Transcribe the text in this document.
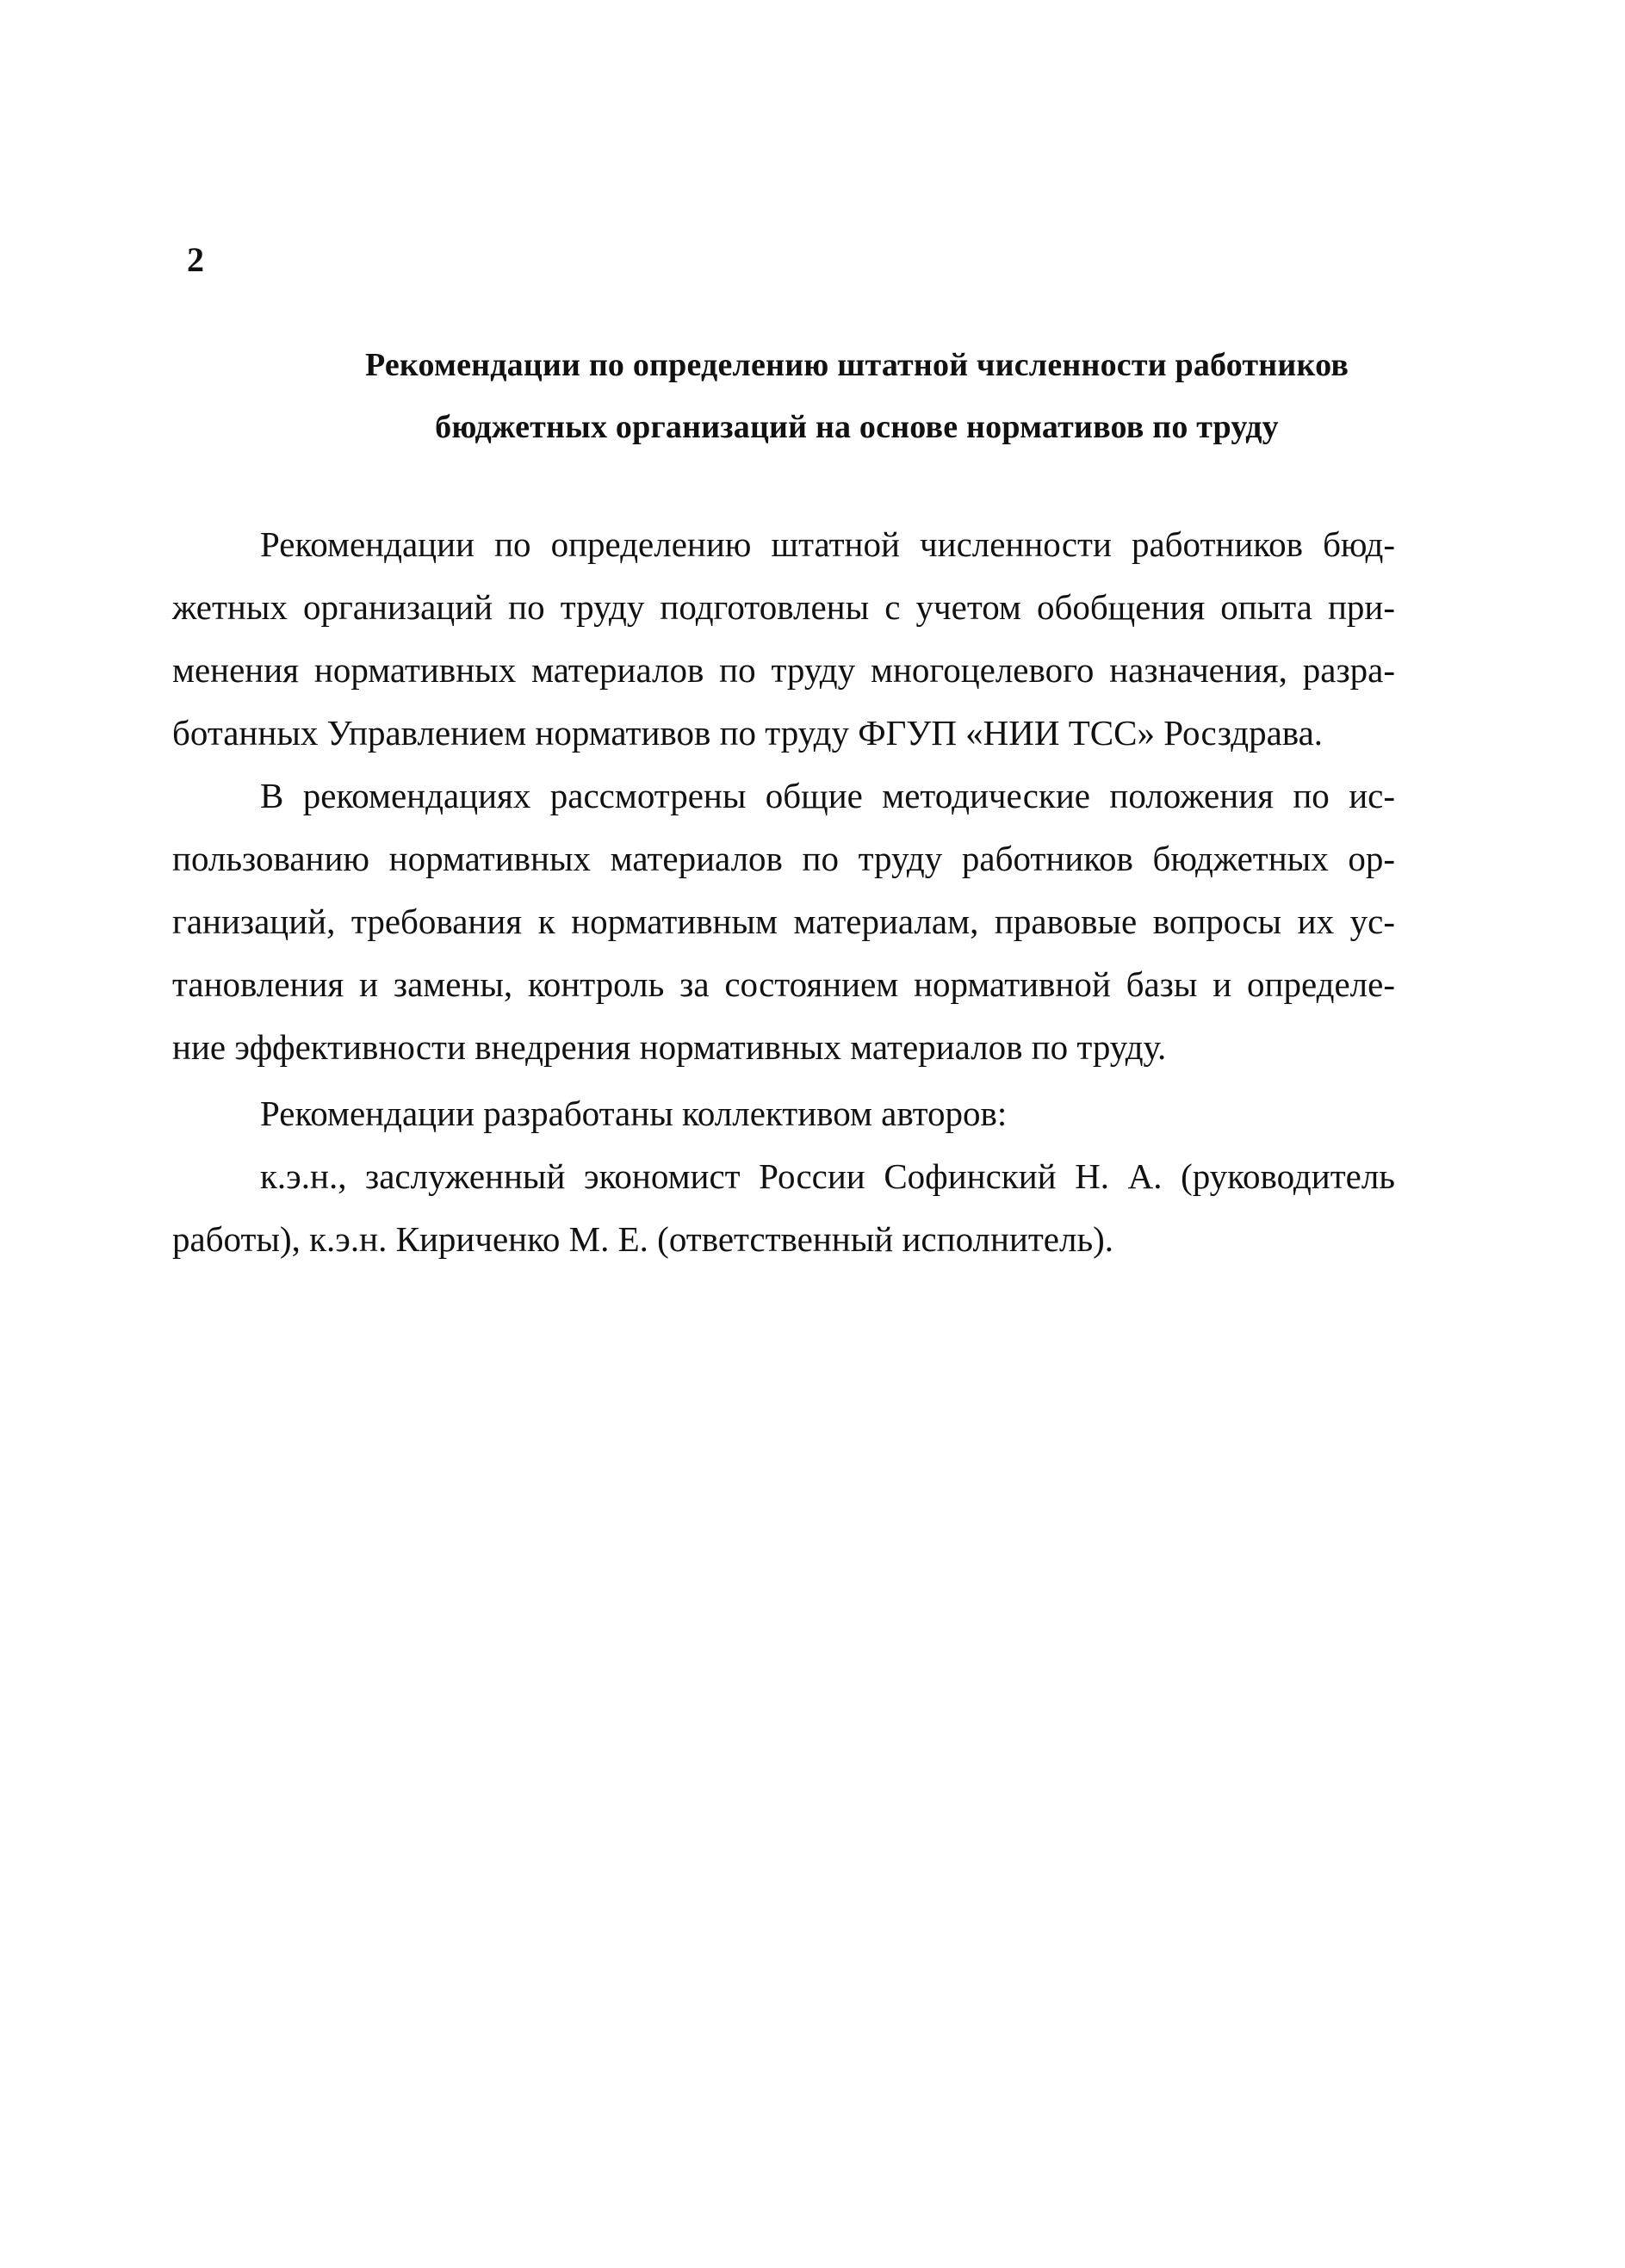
2
Рекомендации по определению штатной численности работников
бюджетных организаций на основе нормативов по труду
Рекомендации по определению штатной численности работников бюд-
жетных организаций по труду подготовлены с учетом обобщения опыта при-
менения нормативных материалов по труду многоцелевого назначения, разра-
ботанных Управлением нормативов по труду ФГУП «НИИ ТСС» Росздрава.
В рекомендациях рассмотрены общие методические положения по ис-
пользованию нормативных материалов по труду работников бюджетных ор-
ганизаций, требования к нормативным материалам, правовые вопросы их ус-
тановления и замены, контроль за состоянием нормативной базы и определе-
ние эффективности внедрения нормативных материалов по труду.
Рекомендации разработаны коллективом авторов:
к.э.н., заслуженный экономист России Софинский Н. А. (руководитель
работы), к.э.н. Кириченко М. Е. (ответственный исполнитель).
